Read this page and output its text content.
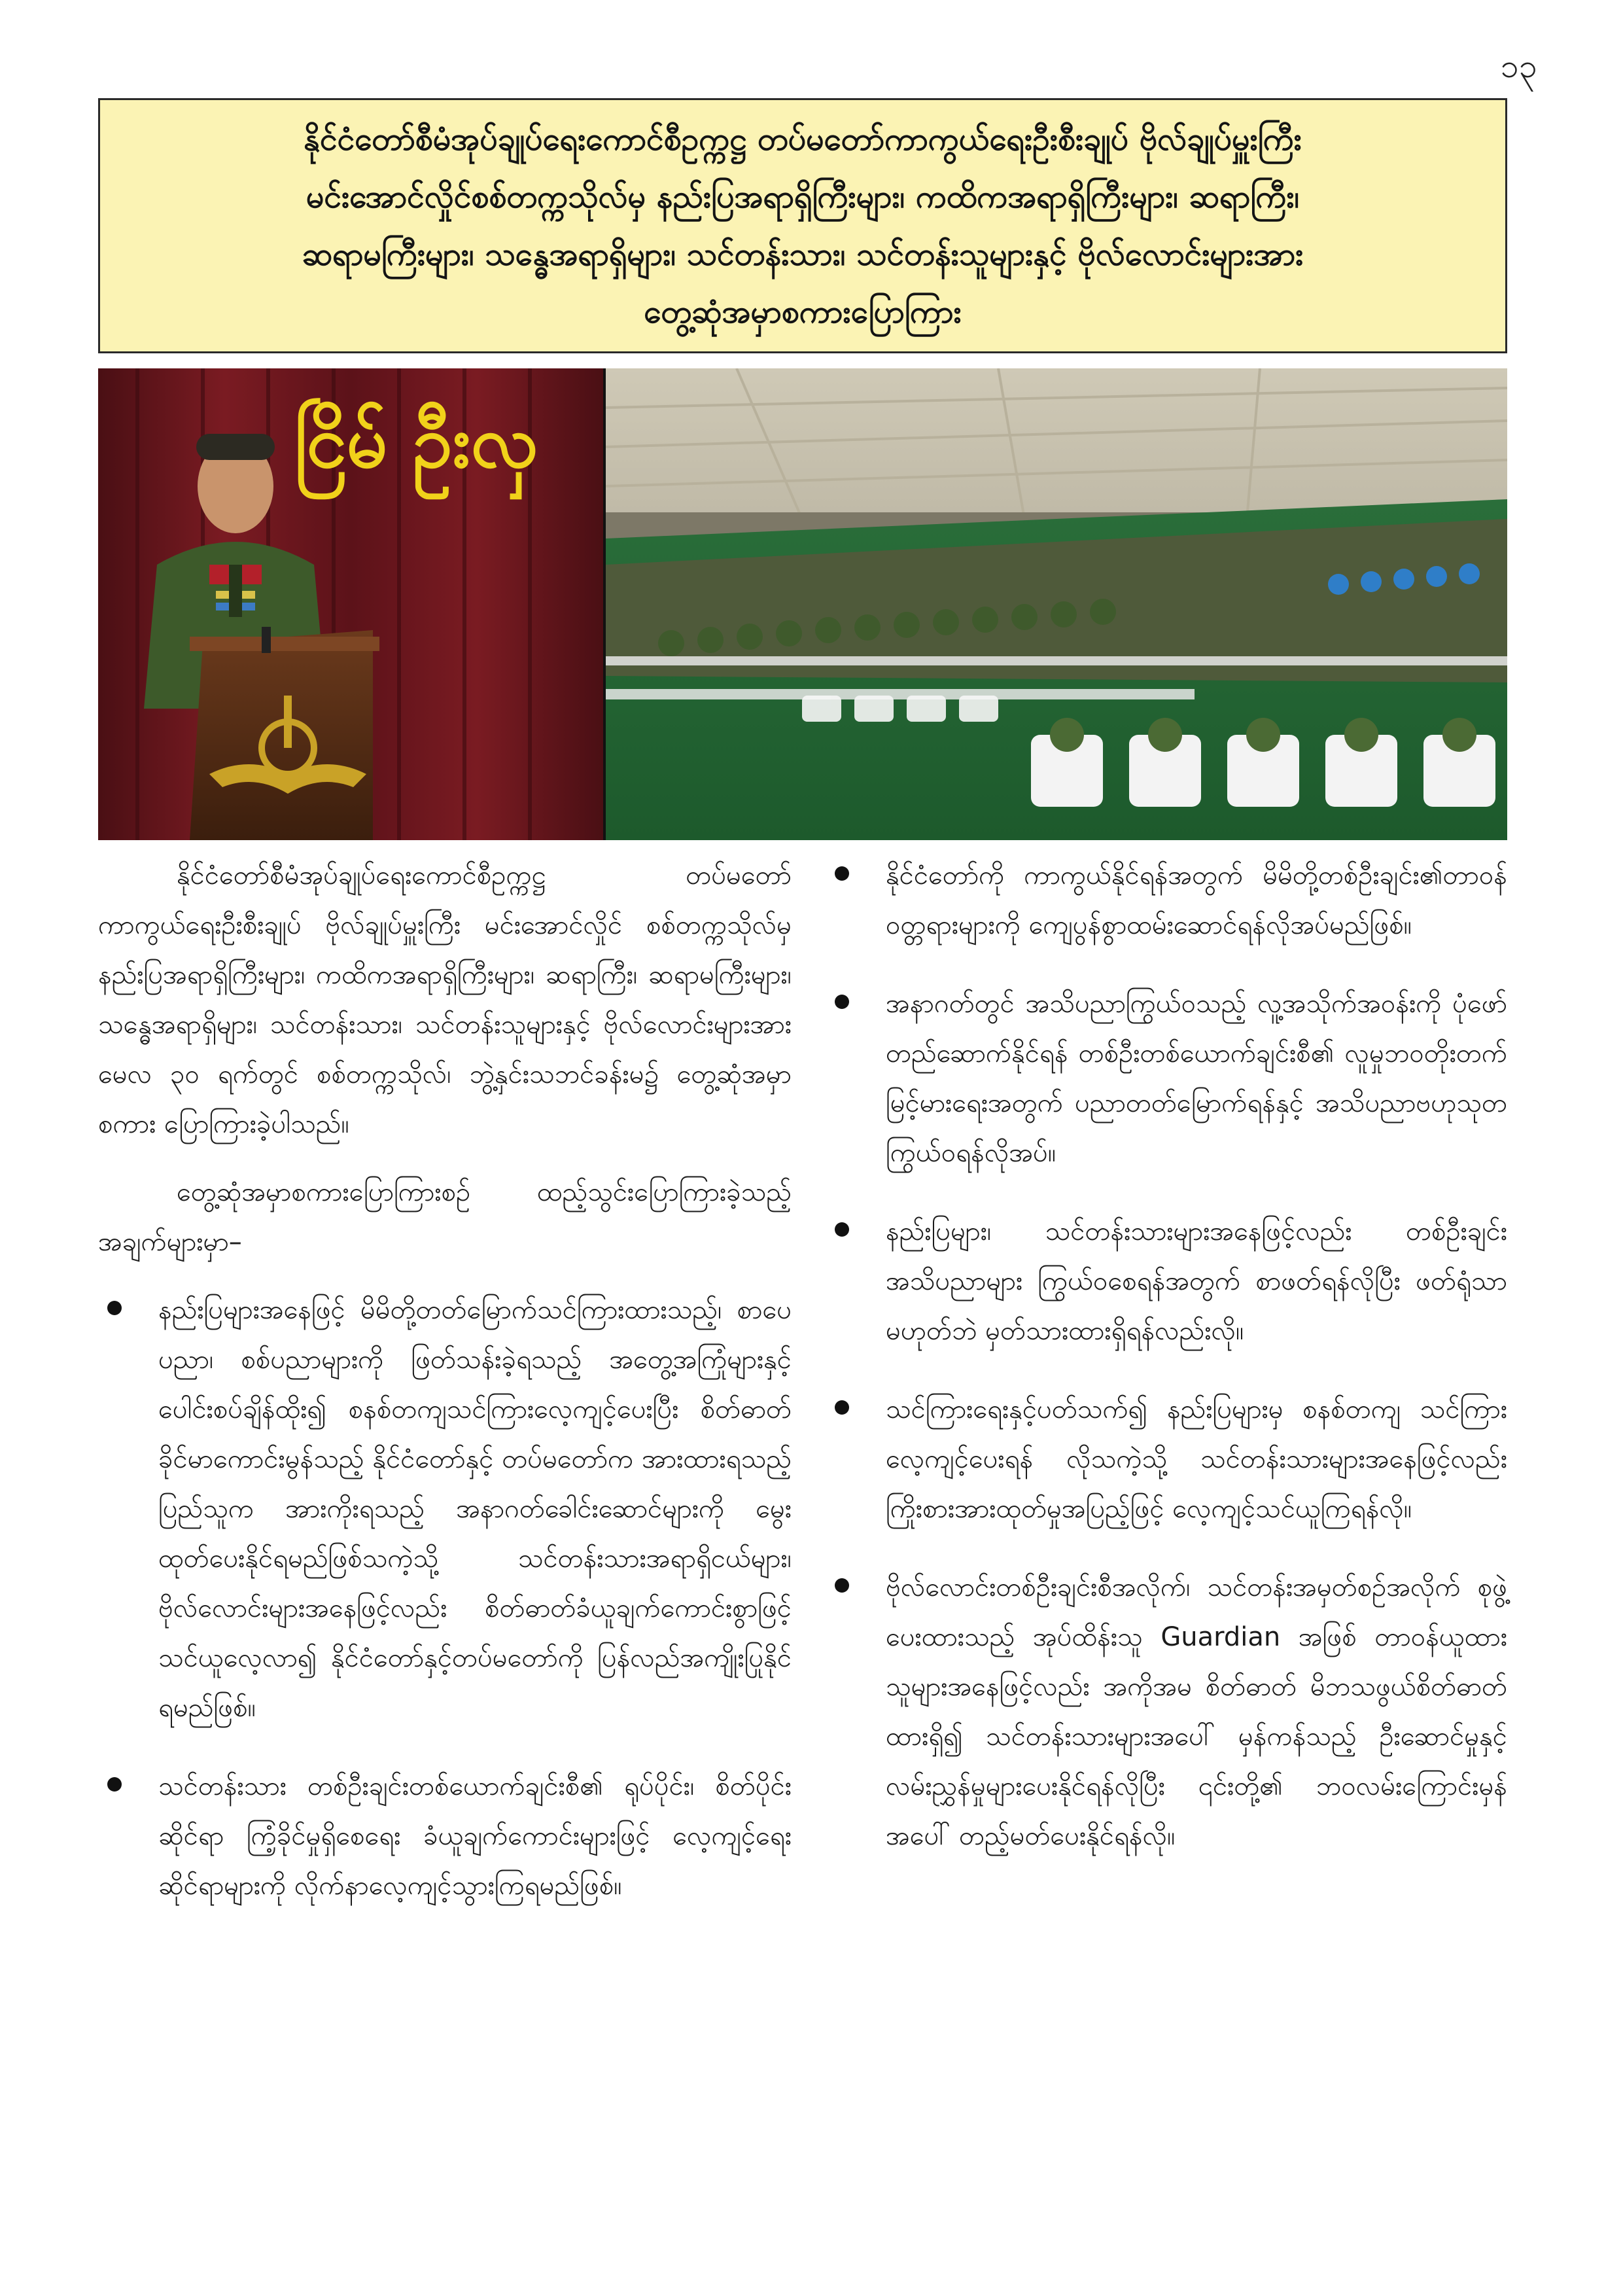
၁၃
နိုင်ငံတော်စီမံအုပ်ချုပ်ရေးကောင်စီဥက္ကဋ္ဌ တပ်မတော်ကာကွယ်ရေးဦးစီးချုပ် ဗိုလ်ချုပ်မှူးကြီး
မင်းအောင်လှိုင်စစ်တက္ကသိုလ်မှ နည်းပြအရာရှိကြီးများ၊ ကထိကအရာရှိကြီးများ၊ ဆရာကြီး၊
ဆရာမကြီးများ၊ သန္ဓေအရာရှိများ၊ သင်တန်းသား၊ သင်တန်းသူများနှင့် ဗိုလ်လောင်းများအား
တွေ့ဆုံအမှာစကားပြောကြား
ငြိမ် ဦးလှ

နိုင်ငံတော်စီမံအုပ်ချုပ်ရေးကောင်စီဥက္ကဋ္ဌ တပ်မတော်ကာကွယ်ရေးဦးစီးချုပ် ဗိုလ်ချုပ်မှူးကြီး မင်းအောင်လှိုင် စစ်တက္ကသိုလ်မှ နည်းပြအရာရှိကြီးများ၊ ကထိကအရာရှိကြီးများ၊ ဆရာကြီး၊ ဆရာမကြီးများ၊ သန္ဓေအရာရှိများ၊ သင်တန်းသား၊ သင်တန်းသူများနှင့် ဗိုလ်လောင်းများအား မေလ ၃၀ ရက်တွင် စစ်တက္ကသိုလ်၊ ဘွဲ့နှင်းသဘင်ခန်းမ၌ တွေ့ဆုံအမှာစကား ပြောကြားခဲ့ပါသည်။

တွေ့ဆုံအမှာစကားပြောကြားစဉ် ထည့်သွင်းပြောကြားခဲ့သည့်အချက်များမှာ–

နည်းပြများအနေဖြင့် မိမိတို့တတ်မြောက်သင်ကြားထားသည့်၊ စာပေပညာ၊ စစ်ပညာများကို ဖြတ်သန်းခဲ့ရသည့် အတွေ့အကြုံများနှင့် ပေါင်းစပ်ချိန်ထိုး၍ စနစ်တကျသင်ကြားလေ့ကျင့်ပေးပြီး စိတ်ဓာတ်ခိုင်မာကောင်းမွန်သည့် နိုင်ငံတော်နှင့် တပ်မတော်က အားထားရသည့် ပြည်သူက အားကိုးရသည့် အနာဂတ်ခေါင်းဆောင်များကို မွေးထုတ်ပေးနိုင်ရမည်ဖြစ်သကဲ့သို့ သင်တန်းသားအရာရှိငယ်များ၊ ဗိုလ်လောင်းများအနေဖြင့်လည်း စိတ်ဓာတ်ခံယူချက်ကောင်းစွာဖြင့် သင်ယူလေ့လာ၍ နိုင်ငံတော်နှင့်တပ်မတော်ကို ပြန်လည်အကျိုးပြုနိုင်ရမည်ဖြစ်။
သင်တန်းသား တစ်ဦးချင်းတစ်ယောက်ချင်းစီ၏ ရုပ်ပိုင်း၊ စိတ်ပိုင်းဆိုင်ရာ ကြံ့ခိုင်မှုရှိစေရေး ခံယူချက်ကောင်းများဖြင့် လေ့ကျင့်ရေးဆိုင်ရာများကို လိုက်နာလေ့ကျင့်သွားကြရမည်ဖြစ်။
နိုင်ငံတော်ကို ကာကွယ်နိုင်ရန်အတွက် မိမိတို့တစ်ဦးချင်း၏တာဝန်ဝတ္တရားများကို ကျေပွန်စွာထမ်းဆောင်ရန်လိုအပ်မည်ဖြစ်။
အနာဂတ်တွင် အသိပညာကြွယ်ဝသည့် လူ့အသိုက်အဝန်းကို ပုံဖော်တည်ဆောက်နိုင်ရန် တစ်ဦးတစ်ယောက်ချင်းစီ၏ လူမှုဘဝတိုးတက်မြင့်မားရေးအတွက် ပညာတတ်မြောက်ရန်နှင့် အသိပညာဗဟုသုတကြွယ်ဝရန်လိုအပ်။
နည်းပြများ၊ သင်တန်းသားများအနေဖြင့်လည်း တစ်ဦးချင်း အသိပညာများ ကြွယ်ဝစေရန်အတွက် စာဖတ်ရန်လိုပြီး ဖတ်ရုံသာမဟုတ်ဘဲ မှတ်သားထားရှိရန်လည်းလို။
သင်ကြားရေးနှင့်ပတ်သက်၍ နည်းပြများမှ စနစ်တကျ သင်ကြားလေ့ကျင့်ပေးရန် လိုသကဲ့သို့ သင်တန်းသားများအနေဖြင့်လည်း ကြိုးစားအားထုတ်မှုအပြည့်ဖြင့် လေ့ကျင့်သင်ယူကြရန်လို။
ဗိုလ်လောင်းတစ်ဦးချင်းစီအလိုက်၊ သင်တန်းအမှတ်စဉ်အလိုက် စုဖွဲ့ပေးထားသည့် အုပ်ထိန်းသူ Guardian အဖြစ် တာဝန်ယူထားသူများအနေဖြင့်လည်း အကိုအမ စိတ်ဓာတ် မိဘသဖွယ်စိတ်ဓာတ်ထားရှိ၍ သင်တန်းသားများအပေါ် မှန်ကန်သည့် ဦးဆောင်မှုနှင့် လမ်းညွှန်မှုများပေးနိုင်ရန်လိုပြီး ၎င်းတို့၏ ဘဝလမ်းကြောင်းမှန်အပေါ် တည့်မတ်ပေးနိုင်ရန်လို။
